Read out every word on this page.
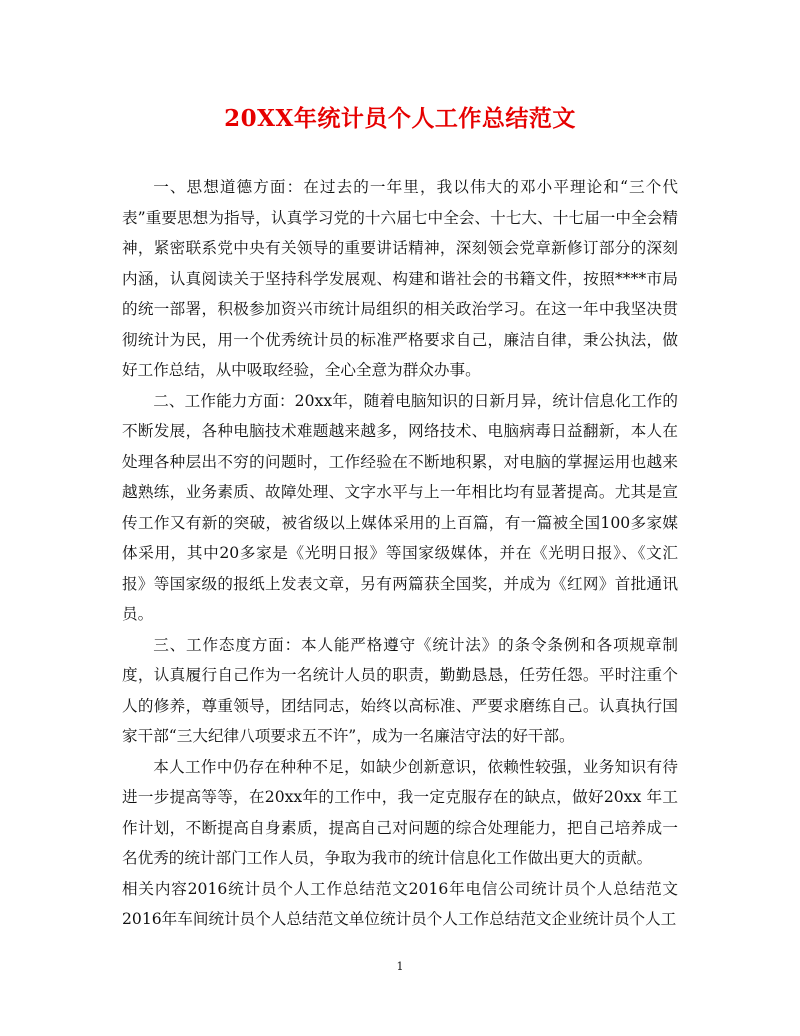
20XX年统计员个人工作总结范文

一、思想道德方面：在过去的一年里，我以伟大的邓小平理论和“三个代表”重要思想为指导，认真学习党的十六届七中全会、十七大、十七届一中全会精神，紧密联系党中央有关领导的重要讲话精神，深刻领会党章新修订部分的深刻内涵，认真阅读关于坚持科学发展观、构建和谐社会的书籍文件，按照****市局的统一部署，积极参加资兴市统计局组织的相关政治学习。在这一年中我坚决贯彻统计为民，用一个优秀统计员的标准严格要求自己，廉洁自律，秉公执法，做好工作总结，从中吸取经验，全心全意为群众办事。

二、工作能力方面：20xx年，随着电脑知识的日新月异，统计信息化工作的不断发展，各种电脑技术难题越来越多，网络技术、电脑病毒日益翻新，本人在处理各种层出不穷的问题时，工作经验在不断地积累，对电脑的掌握运用也越来越熟练，业务素质、故障处理、文字水平与上一年相比均有显著提高。尤其是宣传工作又有新的突破，被省级以上媒体采用的上百篇，有一篇被全国100多家媒体采用，其中20多家是《光明日报》等国家级媒体，并在《光明日报》、《文汇报》等国家级的报纸上发表文章，另有两篇获全国奖，并成为《红网》首批通讯员。

三、工作态度方面：本人能严格遵守《统计法》的条令条例和各项规章制度，认真履行自己作为一名统计人员的职责，勤勤恳恳，任劳任怨。平时注重个人的修养，尊重领导，团结同志，始终以高标准、严要求磨练自己。认真执行国家干部“三大纪律八项要求五不许”，成为一名廉洁守法的好干部。

本人工作中仍存在种种不足，如缺少创新意识，依赖性较强，业务知识有待进一步提高等等，在20xx年的工作中，我一定克服存在的缺点，做好20xx 年工作计划，不断提高自身素质，提高自己对问题的综合处理能力，把自己培养成一名优秀的统计部门工作人员，争取为我市的统计信息化工作做出更大的贡献。

相关内容2016统计员个人工作总结范文2016年电信公司统计员个人总结范文2016年车间统计员个人总结范文单位统计员个人工作总结范文企业统计员个人工

1
